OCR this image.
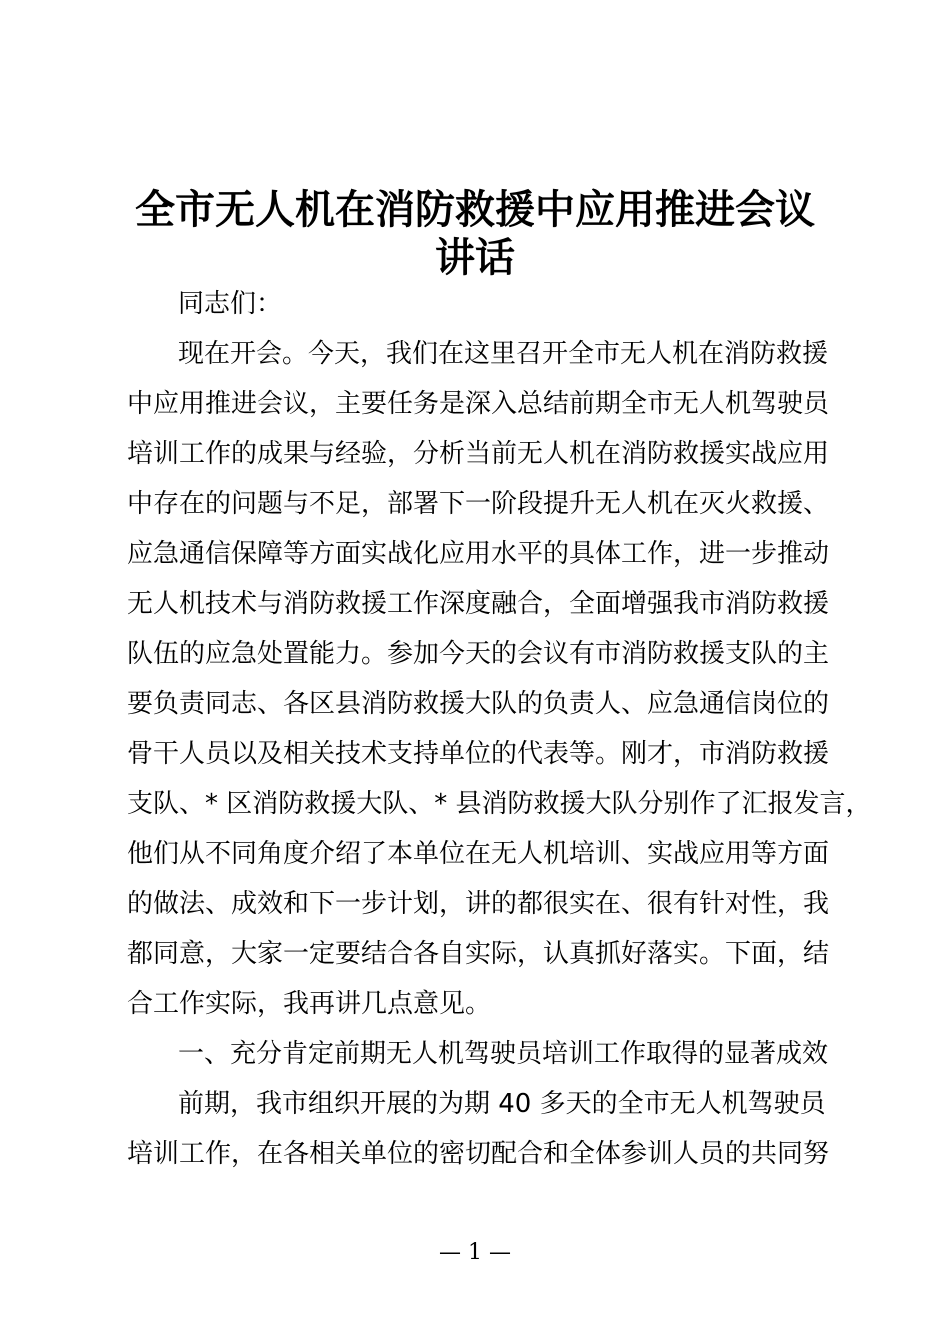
全市无人机在消防救援中应用推进会议
讲话

同志们：

现在开会。今天，我们在这里召开全市无人机在消防救援

中应用推进会议，主要任务是深入总结前期全市无人机驾驶员

培训工作的成果与经验，分析当前无人机在消防救援实战应用

中存在的问题与不足，部署下一阶段提升无人机在灭火救援、

应急通信保障等方面实战化应用水平的具体工作，进一步推动

无人机技术与消防救援工作深度融合，全面增强我市消防救援

队伍的应急处置能力。参加今天的会议有市消防救援支队的主

要负责同志、各区县消防救援大队的负责人、应急通信岗位的

骨干人员以及相关技术支持单位的代表等。刚才，市消防救援

支队、* 区消防救援大队、* 县消防救援大队分别作了汇报发言，

他们从不同角度介绍了本单位在无人机培训、实战应用等方面

的做法、成效和下一步计划，讲的都很实在、很有针对性，我

都同意，大家一定要结合各自实际，认真抓好落实。下面，结

合工作实际，我再讲几点意见。

一、充分肯定前期无人机驾驶员培训工作取得的显著成效

前期，我市组织开展的为期 40 多天的全市无人机驾驶员

培训工作，在各相关单位的密切配合和全体参训人员的共同努

— 1 —
